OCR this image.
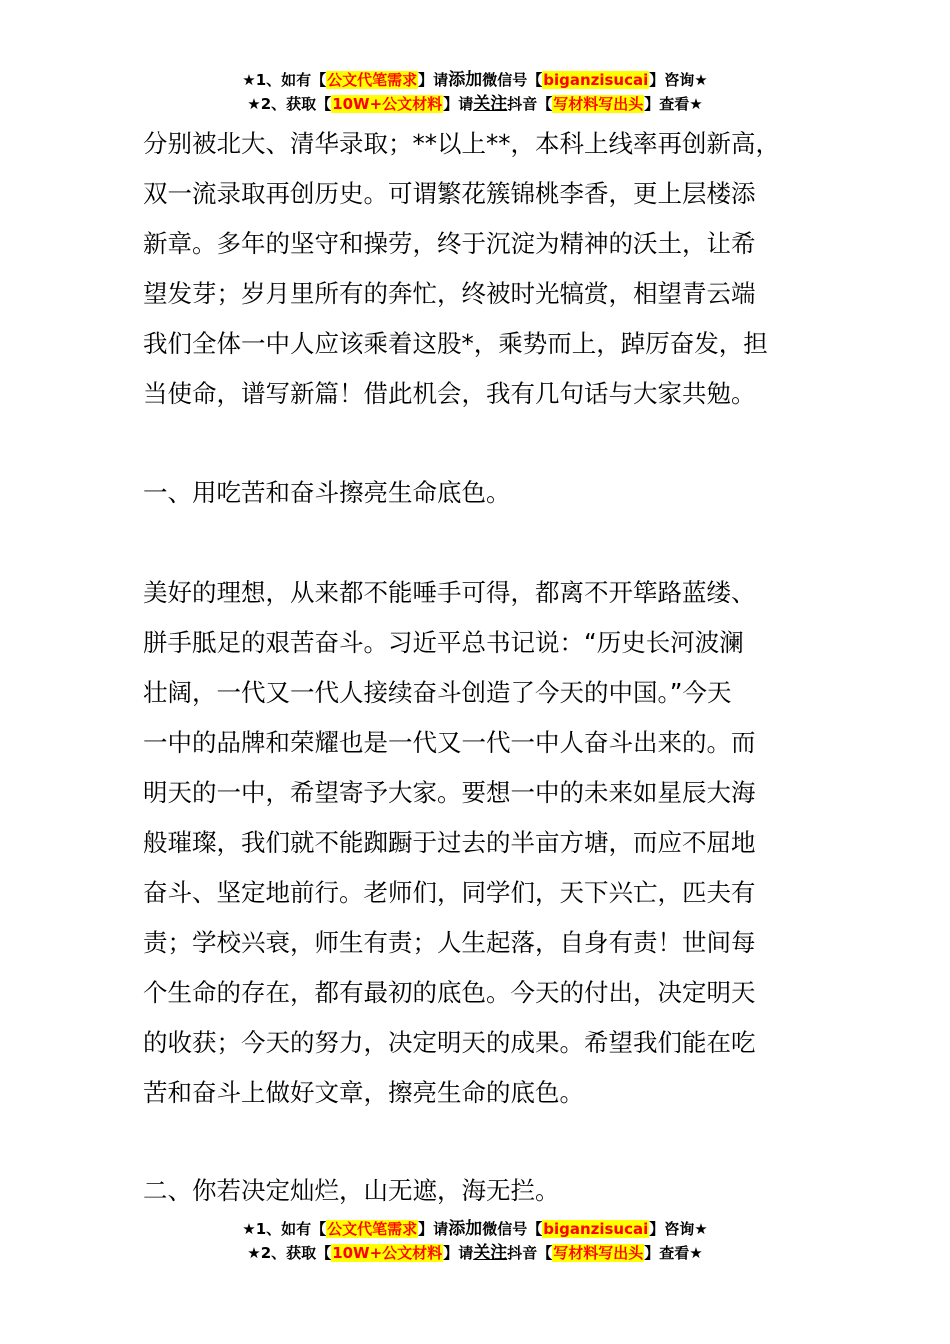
★1、如有【公文代笔需求】请添加微信号【biganzisucai】咨询★
★2、获取【10W+公文材料】请关注抖音【写材料写出头】查看★

分别被北大、清华录取；**以上**，本科上线率再创新高，

双一流录取再创历史。可谓繁花簇锦桃李香，更上层楼添

新章。多年的坚守和操劳，终于沉淀为精神的沃土，让希

望发芽；岁月里所有的奔忙，终被时光犒赏，相望青云端

我们全体一中人应该乘着这股*，乘势而上，踔厉奋发，担

当使命，谱写新篇！借此机会，我有几句话与大家共勉。

一、用吃苦和奋斗擦亮生命底色。

美好的理想，从来都不能唾手可得，都离不开筚路蓝缕、

胼手胝足的艰苦奋斗。习近平总书记说：“历史长河波澜

壮阔，一代又一代人接续奋斗创造了今天的中国。”今天

一中的品牌和荣耀也是一代又一代一中人奋斗出来的。而

明天的一中，希望寄予大家。要想一中的未来如星辰大海

般璀璨，我们就不能踟蹰于过去的半亩方塘，而应不屈地

奋斗、坚定地前行。老师们，同学们，天下兴亡，匹夫有

责；学校兴衰，师生有责；人生起落，自身有责！世间每

个生命的存在，都有最初的底色。今天的付出，决定明天

的收获；今天的努力，决定明天的成果。希望我们能在吃

苦和奋斗上做好文章，擦亮生命的底色。

二、你若决定灿烂，山无遮，海无拦。

★1、如有【公文代笔需求】请添加微信号【biganzisucai】咨询★
★2、获取【10W+公文材料】请关注抖音【写材料写出头】查看★
